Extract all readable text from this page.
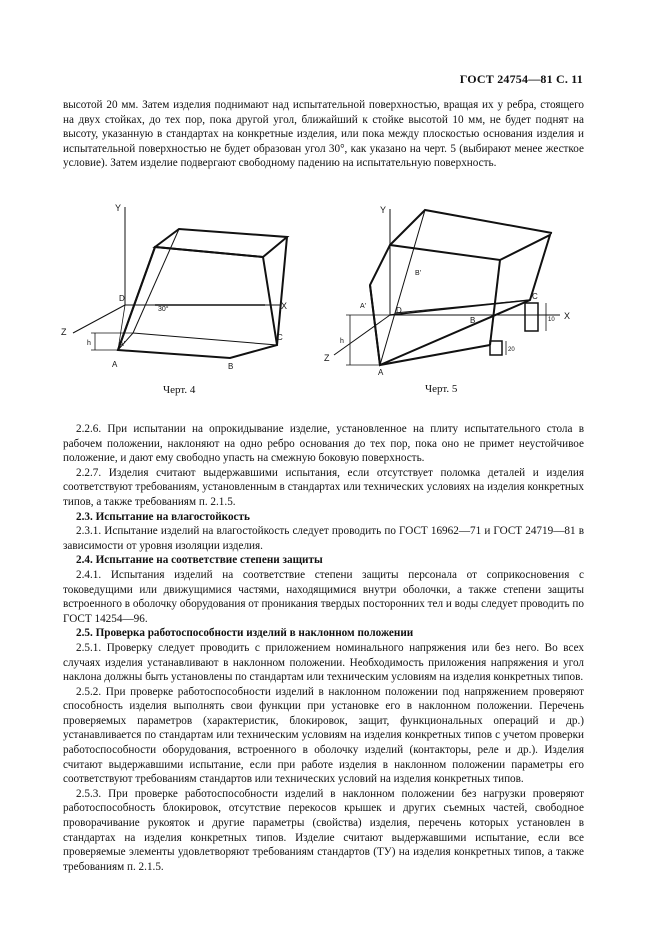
ГОСТ 24754—81 С. 11

высотой 20 мм. Затем изделия поднимают над испытательной поверхностью, вращая их у ребра, стоящего на двух стойках, до тех пор, пока другой угол, ближайший к стойке высотой 10 мм, не будет поднят на высоту, указанную в стандартах на конкретные изделия, или пока между плоскостью основания изделия и испытательной поверхностью не будет образован угол 30°, как указано на черт. 5 (выбирают менее жесткое условие). Затем изделие подвергают свободному падению на испытательную поверхность.

Y
Z
X
A
A'
B
C
D
h
30°
Черт. 4
Y
Z
X
A
A'
B
C
D
B'
h
10
20
Черт. 5

2.2.6. При испытании на опрокидывание изделие, установленное на плиту испытательного стола в рабочем положении, наклоняют на одно ребро основания до тех пор, пока оно не примет неустойчивое положение, и дают ему свободно упасть на смежную боковую поверхность.

2.2.7. Изделия считают выдержавшими испытания, если отсутствует поломка деталей и изделия соответствуют требованиям, установленным в стандартах или технических условиях на изделия конкретных типов, а также требованиям п. 2.1.5.

2.3. Испытание на влагостойкость

2.3.1. Испытание изделий на влагостойкость следует проводить по ГОСТ 16962—71 и ГОСТ 24719—81 в зависимости от уровня изоляции изделия.

2.4. Испытание на соответствие степени защиты

2.4.1. Испытания изделий на соответствие степени защиты персонала от соприкосновения с токоведущими или движущимися частями, находящимися внутри оболочки, а также степени защиты встроенного в оболочку оборудования от проникания твердых посторонних тел и воды следует проводить по ГОСТ 14254—96.

2.5. Проверка работоспособности изделий в наклонном положении

2.5.1. Проверку следует проводить с приложением номинального напряжения или без него. Во всех случаях изделия устанавливают в наклонном положении. Необходимость приложения напряжения и угол наклона должны быть установлены по стандартам или техническим условиям на изделия конкретных типов.

2.5.2. При проверке работоспособности изделий в наклонном положении под напряжением проверяют способность изделия выполнять свои функции при установке его в наклонном положении. Перечень проверяемых параметров (характеристик, блокировок, защит, функциональных операций и др.) устанавливается по стандартам или техническим условиям на изделия конкретных типов с учетом проверки работоспособности оборудования, встроенного в оболочку изделий (контакторы, реле и др.). Изделия считают выдержавшими испытание, если при работе изделия в наклонном положении параметры его соответствуют требованиям стандартов или технических условий на изделия конкретных типов.

2.5.3. При проверке работоспособности изделий в наклонном положении без нагрузки проверяют работоспособность блокировок, отсутствие перекосов крышек и других съемных частей, свободное проворачивание рукояток и другие параметры (свойства) изделия, перечень которых установлен в стандартах на изделия конкретных типов. Изделие считают выдержавшими испытание, если все проверяемые элементы удовлетворяют требованиям стандартов (ТУ) на изделия конкретных типов, а также требованиям п. 2.1.5.
